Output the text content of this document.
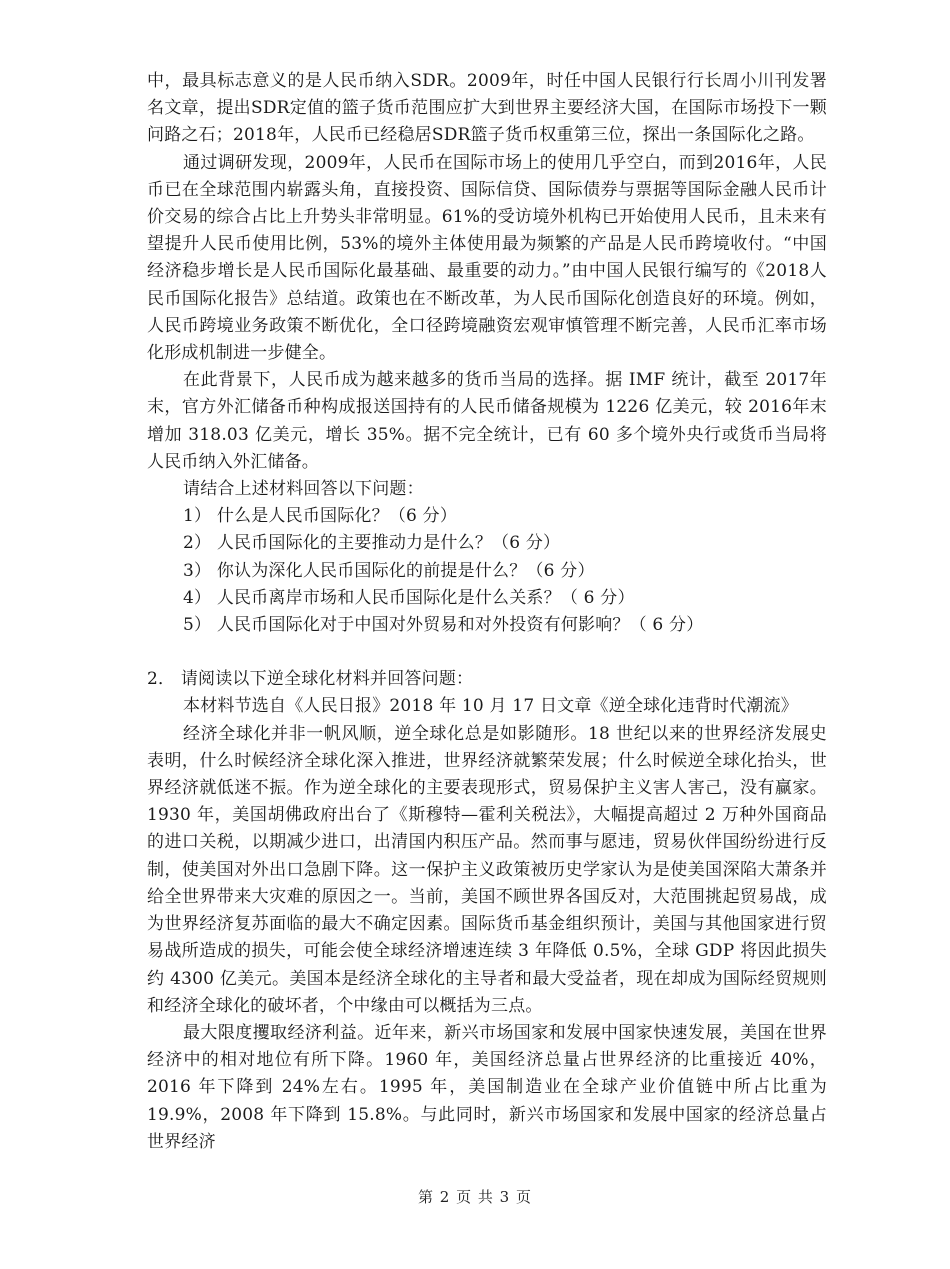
中，最具标志意义的是人民币纳入SDR。2009年，时任中国人民银行行长周小川刊发署名文章，提出SDR定值的篮子货币范围应扩大到世界主要经济大国，在国际市场投下一颗问路之石；2018年，人民币已经稳居SDR篮子货币权重第三位，探出一条国际化之路。

通过调研发现，2009年，人民币在国际市场上的使用几乎空白，而到2016年，人民币已在全球范围内崭露头角，直接投资、国际信贷、国际债券与票据等国际金融人民币计价交易的综合占比上升势头非常明显。61%的受访境外机构已开始使用人民币，且未来有望提升人民币使用比例，53%的境外主体使用最为频繁的产品是人民币跨境收付。“中国经济稳步增长是人民币国际化最基础、最重要的动力。”由中国人民银行编写的《2018人民币国际化报告》总结道。政策也在不断改革，为人民币国际化创造良好的环境。例如，人民币跨境业务政策不断优化，全口径跨境融资宏观审慎管理不断完善，人民币汇率市场化形成机制进一步健全。

在此背景下，人民币成为越来越多的货币当局的选择。据 IMF 统计，截至 2017年末，官方外汇储备币种构成报送国持有的人民币储备规模为 1226 亿美元，较 2016年末增加 318.03 亿美元，增长 35%。据不完全统计，已有 60 多个境外央行或货币当局将人民币纳入外汇储备。

请结合上述材料回答以下问题：

1） 什么是人民币国际化？（6 分）
2） 人民币国际化的主要推动力是什么？（6 分）
3） 你认为深化人民币国际化的前提是什么？（6 分）
4） 人民币离岸市场和人民币国际化是什么关系？（ 6 分）
5） 人民币国际化对于中国对外贸易和对外投资有何影响？（ 6 分）

2． 请阅读以下逆全球化材料并回答问题：

本材料节选自《人民日报》2018 年 10 月 17 日文章《逆全球化违背时代潮流》

经济全球化并非一帆风顺，逆全球化总是如影随形。18 世纪以来的世界经济发展史表明，什么时候经济全球化深入推进，世界经济就繁荣发展；什么时候逆全球化抬头，世界经济就低迷不振。作为逆全球化的主要表现形式，贸易保护主义害人害己，没有赢家。1930 年，美国胡佛政府出台了《斯穆特—霍利关税法》，大幅提高超过 2 万种外国商品的进口关税，以期减少进口，出清国内积压产品。然而事与愿违，贸易伙伴国纷纷进行反制，使美国对外出口急剧下降。这一保护主义政策被历史学家认为是使美国深陷大萧条并给全世界带来大灾难的原因之一。当前，美国不顾世界各国反对，大范围挑起贸易战，成为世界经济复苏面临的最大不确定因素。国际货币基金组织预计，美国与其他国家进行贸易战所造成的损失，可能会使全球经济增速连续 3 年降低 0.5%，全球 GDP 将因此损失约 4300 亿美元。美国本是经济全球化的主导者和最大受益者，现在却成为国际经贸规则和经济全球化的破坏者，个中缘由可以概括为三点。

最大限度攫取经济利益。近年来，新兴市场国家和发展中国家快速发展，美国在世界经济中的相对地位有所下降。1960 年，美国经济总量占世界经济的比重接近 40%，2016 年下降到 24%左右。1995 年，美国制造业在全球产业价值链中所占比重为 19.9%，2008 年下降到 15.8%。与此同时，新兴市场国家和发展中国家的经济总量占世界经济

第 2 页 共 3 页
